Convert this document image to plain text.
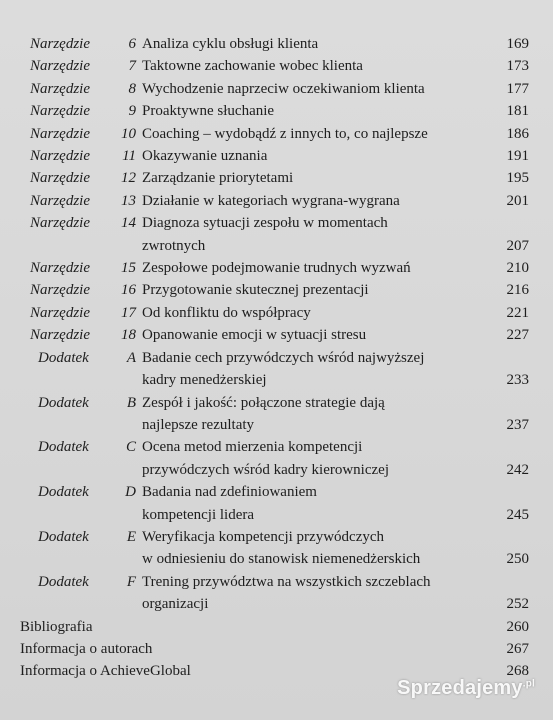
Narzędzie	6 Analiza cyklu obsługi klienta	169
Narzędzie	7 Taktowne zachowanie wobec klienta	173
Narzędzie	8 Wychodzenie naprzeciw oczekiwaniom klienta	177
Narzędzie	9 Proaktywne słuchanie	181
Narzędzie	10 Coaching – wydobądź z innych to, co najlepsze	186
Narzędzie	11 Okazywanie uznania	191
Narzędzie	12 Zarządzanie priorytetami	195
Narzędzie	13 Działanie w kategoriach wygrana-wygrana	201
Narzędzie	14 Diagnoza sytuacji zespołu w momentach
zwrotnych	207
Narzędzie	15 Zespołowe podejmowanie trudnych wyzwań	210
Narzędzie	16 Przygotowanie skutecznej prezentacji	216
Narzędzie	17 Od konfliktu do współpracy	221
Narzędzie	18 Opanowanie emocji w sytuacji stresu	227
Dodatek	A Badanie cech przywódczych wśród najwyższej
kadry menedżerskiej	233
Dodatek	B Zespół i jakość: połączone strategie dają
najlepsze rezultaty	237
Dodatek	C Ocena metod mierzenia kompetencji
przywódczych wśród kadry kierowniczej	242
Dodatek	D Badania nad zdefiniowaniem
kompetencji lidera	245
Dodatek	E Weryfikacja kompetencji przywódczych
w odniesieniu do stanowisk niemenedżerskich	250
Dodatek	F Trening przywództwa na wszystkich szczeblach
organizacji	252
Bibliografia	260
Informacja o autorach	267
Informacja o AchieveGlobal	268
Sprzedajemy$^{.pl}$
